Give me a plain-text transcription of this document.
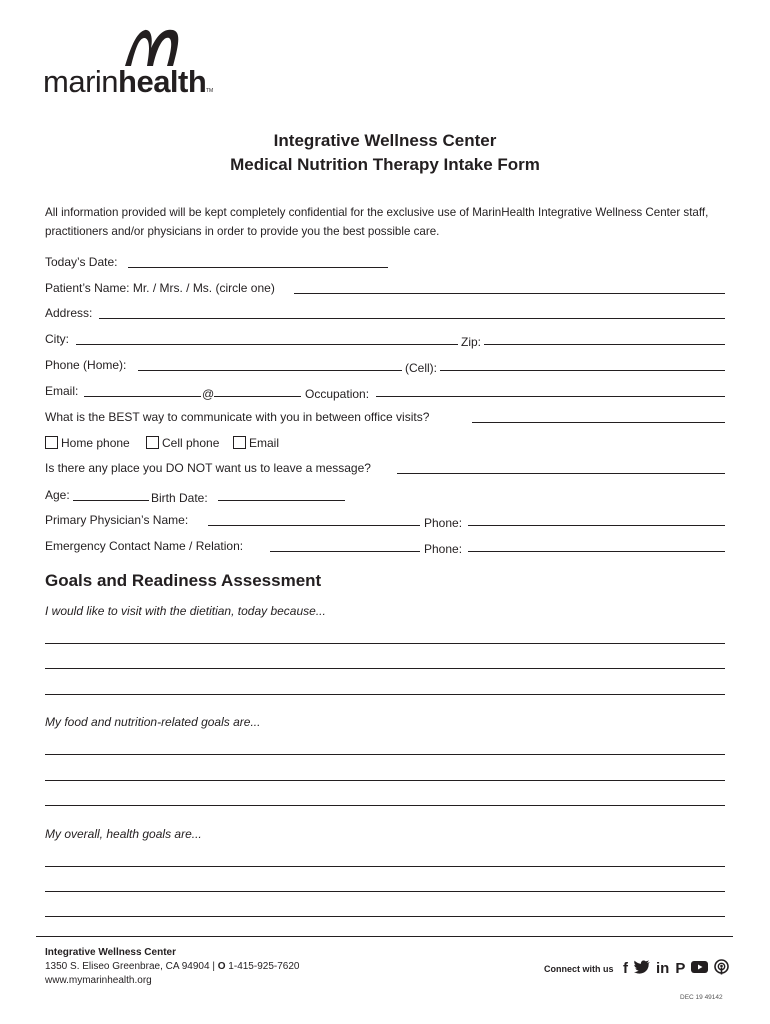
marinhealth TM
Integrative Wellness Center
Medical Nutrition Therapy Intake Form
All information provided will be kept completely confidential for the exclusive use of MarinHealth Integrative Wellness Center staff, practitioners and/or physicians in order to provide you the best possible care.
Today’s Date:
Patient’s Name: Mr. / Mrs. / Ms. (circle one)
Address:
City:	Zip:
Phone (Home):	(Cell):
Email:	@	Occupation:
What is the BEST way to communicate with you in between office visits?
Home phone	Cell phone Email
Is there any place you DO NOT want us to leave a message?
Age:	Birth Date:
Primary Physician’s Name:	Phone:
Emergency Contact Name / Relation:	Phone:
Goals and Readiness Assessment
I would like to visit with the dietitian, today because...
My food and nutrition-related goals are...
My overall, health goals are...
Integrative Wellness Center
1350 S. Eliseo Greenbrae, CA 94904 | O 1-415-925-7620
www.mymarinhealth.org
Connect with us f in P
DEC 19 49142
